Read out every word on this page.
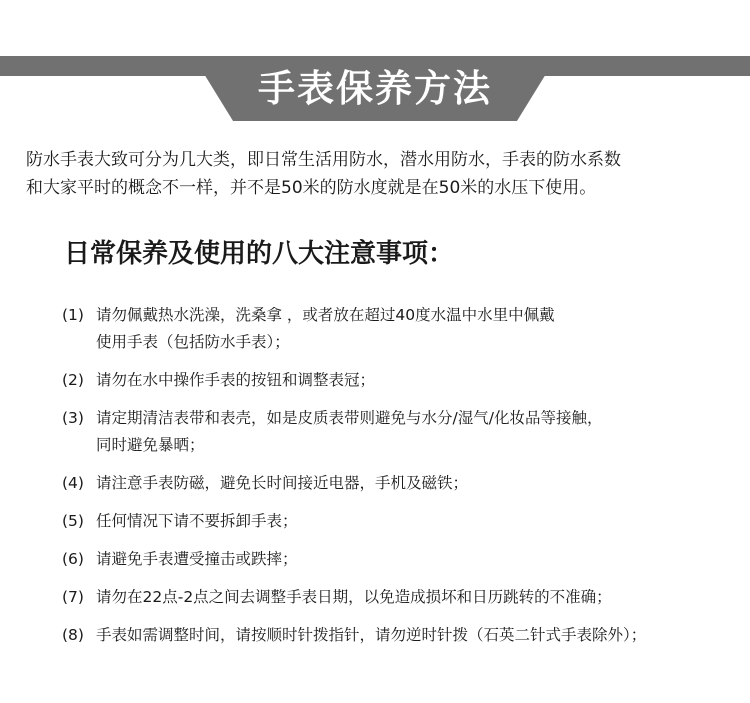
手表保养方法

防水手表大致可分为几大类，即日常生活用防水，潜水用防水，手表的防水系数
和大家平时的概念不一样，并不是50米的防水度就是在50米的水压下使用。

日常保养及使用的八大注意事项：
(1) 请勿佩戴热水洗澡，洗桑拿 ，或者放在超过40度水温中水里中佩戴
使用手表（包括防水手表）；
(2) 请勿在水中操作手表的按钮和调整表冠；
(3) 请定期清洁表带和表壳，如是皮质表带则避免与水分/湿气/化妆品等接触，
同时避免暴晒；
(4) 请注意手表防磁，避免长时间接近电器，手机及磁铁；
(5) 任何情况下请不要拆卸手表；
(6) 请避免手表遭受撞击或跌摔；
(7) 请勿在22点-2点之间去调整手表日期，以免造成损坏和日历跳转的不准确；
(8) 手表如需调整时间，请按顺时针拨指针，请勿逆时针拨（石英二针式手表除外）；
